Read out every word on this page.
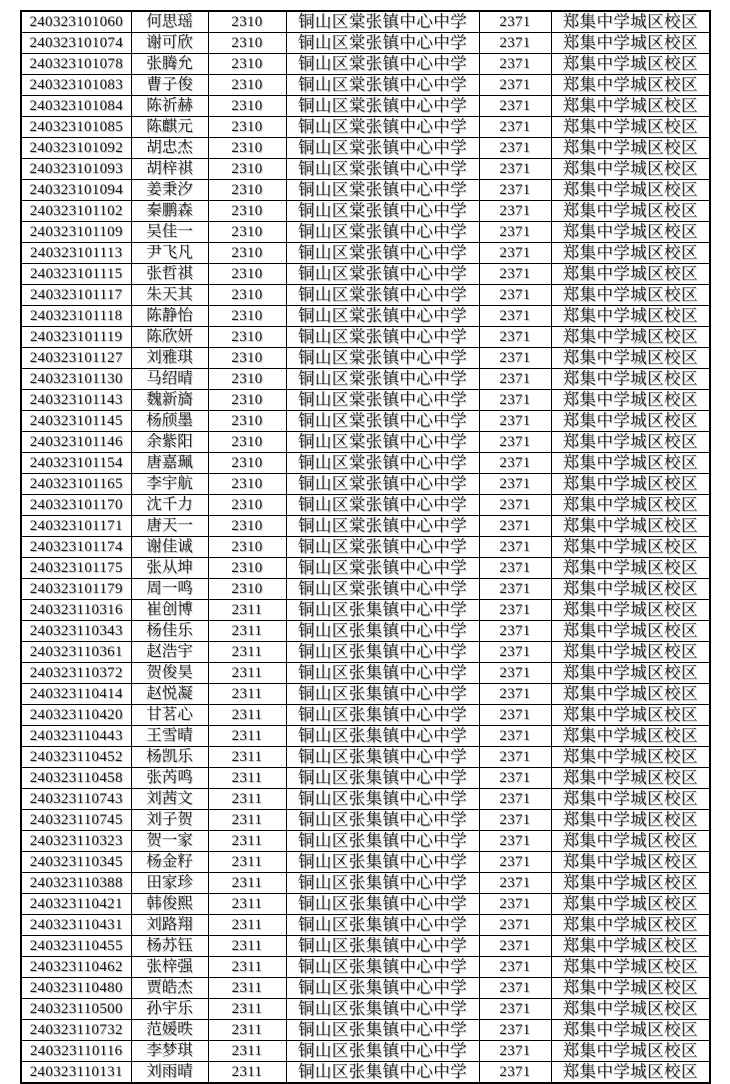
240323101060	何思瑶	2310	铜山区棠张镇中心中学	2371	郑集中学城区校区
240323101074	谢可欣	2310	铜山区棠张镇中心中学	2371	郑集中学城区校区
240323101078	张腾允	2310	铜山区棠张镇中心中学	2371	郑集中学城区校区
240323101083	曹子俊	2310	铜山区棠张镇中心中学	2371	郑集中学城区校区
240323101084	陈祈赫	2310	铜山区棠张镇中心中学	2371	郑集中学城区校区
240323101085	陈麒元	2310	铜山区棠张镇中心中学	2371	郑集中学城区校区
240323101092	胡忠杰	2310	铜山区棠张镇中心中学	2371	郑集中学城区校区
240323101093	胡梓祺	2310	铜山区棠张镇中心中学	2371	郑集中学城区校区
240323101094	姜秉汐	2310	铜山区棠张镇中心中学	2371	郑集中学城区校区
240323101102	秦鹏森	2310	铜山区棠张镇中心中学	2371	郑集中学城区校区
240323101109	吴佳一	2310	铜山区棠张镇中心中学	2371	郑集中学城区校区
240323101113	尹飞凡	2310	铜山区棠张镇中心中学	2371	郑集中学城区校区
240323101115	张哲祺	2310	铜山区棠张镇中心中学	2371	郑集中学城区校区
240323101117	朱天其	2310	铜山区棠张镇中心中学	2371	郑集中学城区校区
240323101118	陈静怡	2310	铜山区棠张镇中心中学	2371	郑集中学城区校区
240323101119	陈欣妍	2310	铜山区棠张镇中心中学	2371	郑集中学城区校区
240323101127	刘雅琪	2310	铜山区棠张镇中心中学	2371	郑集中学城区校区
240323101130	马绍晴	2310	铜山区棠张镇中心中学	2371	郑集中学城区校区
240323101143	魏新旖	2310	铜山区棠张镇中心中学	2371	郑集中学城区校区
240323101145	杨颀墨	2310	铜山区棠张镇中心中学	2371	郑集中学城区校区
240323101146	余紫阳	2310	铜山区棠张镇中心中学	2371	郑集中学城区校区
240323101154	唐嘉珮	2310	铜山区棠张镇中心中学	2371	郑集中学城区校区
240323101165	李宇航	2310	铜山区棠张镇中心中学	2371	郑集中学城区校区
240323101170	沈千力	2310	铜山区棠张镇中心中学	2371	郑集中学城区校区
240323101171	唐天一	2310	铜山区棠张镇中心中学	2371	郑集中学城区校区
240323101174	谢佳诚	2310	铜山区棠张镇中心中学	2371	郑集中学城区校区
240323101175	张从坤	2310	铜山区棠张镇中心中学	2371	郑集中学城区校区
240323101179	周一鸣	2310	铜山区棠张镇中心中学	2371	郑集中学城区校区
240323110316	崔创博	2311	铜山区张集镇中心中学	2371	郑集中学城区校区
240323110343	杨佳乐	2311	铜山区张集镇中心中学	2371	郑集中学城区校区
240323110361	赵浩宇	2311	铜山区张集镇中心中学	2371	郑集中学城区校区
240323110372	贺俊昊	2311	铜山区张集镇中心中学	2371	郑集中学城区校区
240323110414	赵悦凝	2311	铜山区张集镇中心中学	2371	郑集中学城区校区
240323110420	甘茗心	2311	铜山区张集镇中心中学	2371	郑集中学城区校区
240323110443	王雪晴	2311	铜山区张集镇中心中学	2371	郑集中学城区校区
240323110452	杨凯乐	2311	铜山区张集镇中心中学	2371	郑集中学城区校区
240323110458	张芮鸣	2311	铜山区张集镇中心中学	2371	郑集中学城区校区
240323110743	刘茜文	2311	铜山区张集镇中心中学	2371	郑集中学城区校区
240323110745	刘子贺	2311	铜山区张集镇中心中学	2371	郑集中学城区校区
240323110323	贺一家	2311	铜山区张集镇中心中学	2371	郑集中学城区校区
240323110345	杨金籽	2311	铜山区张集镇中心中学	2371	郑集中学城区校区
240323110388	田家珍	2311	铜山区张集镇中心中学	2371	郑集中学城区校区
240323110421	韩俊熙	2311	铜山区张集镇中心中学	2371	郑集中学城区校区
240323110431	刘路翔	2311	铜山区张集镇中心中学	2371	郑集中学城区校区
240323110455	杨苏钰	2311	铜山区张集镇中心中学	2371	郑集中学城区校区
240323110462	张梓强	2311	铜山区张集镇中心中学	2371	郑集中学城区校区
240323110480	贾皓杰	2311	铜山区张集镇中心中学	2371	郑集中学城区校区
240323110500	孙宇乐	2311	铜山区张集镇中心中学	2371	郑集中学城区校区
240323110732	范媛昳	2311	铜山区张集镇中心中学	2371	郑集中学城区校区
240323110116	李梦琪	2311	铜山区张集镇中心中学	2371	郑集中学城区校区
240323110131	刘雨晴	2311	铜山区张集镇中心中学	2371	郑集中学城区校区
